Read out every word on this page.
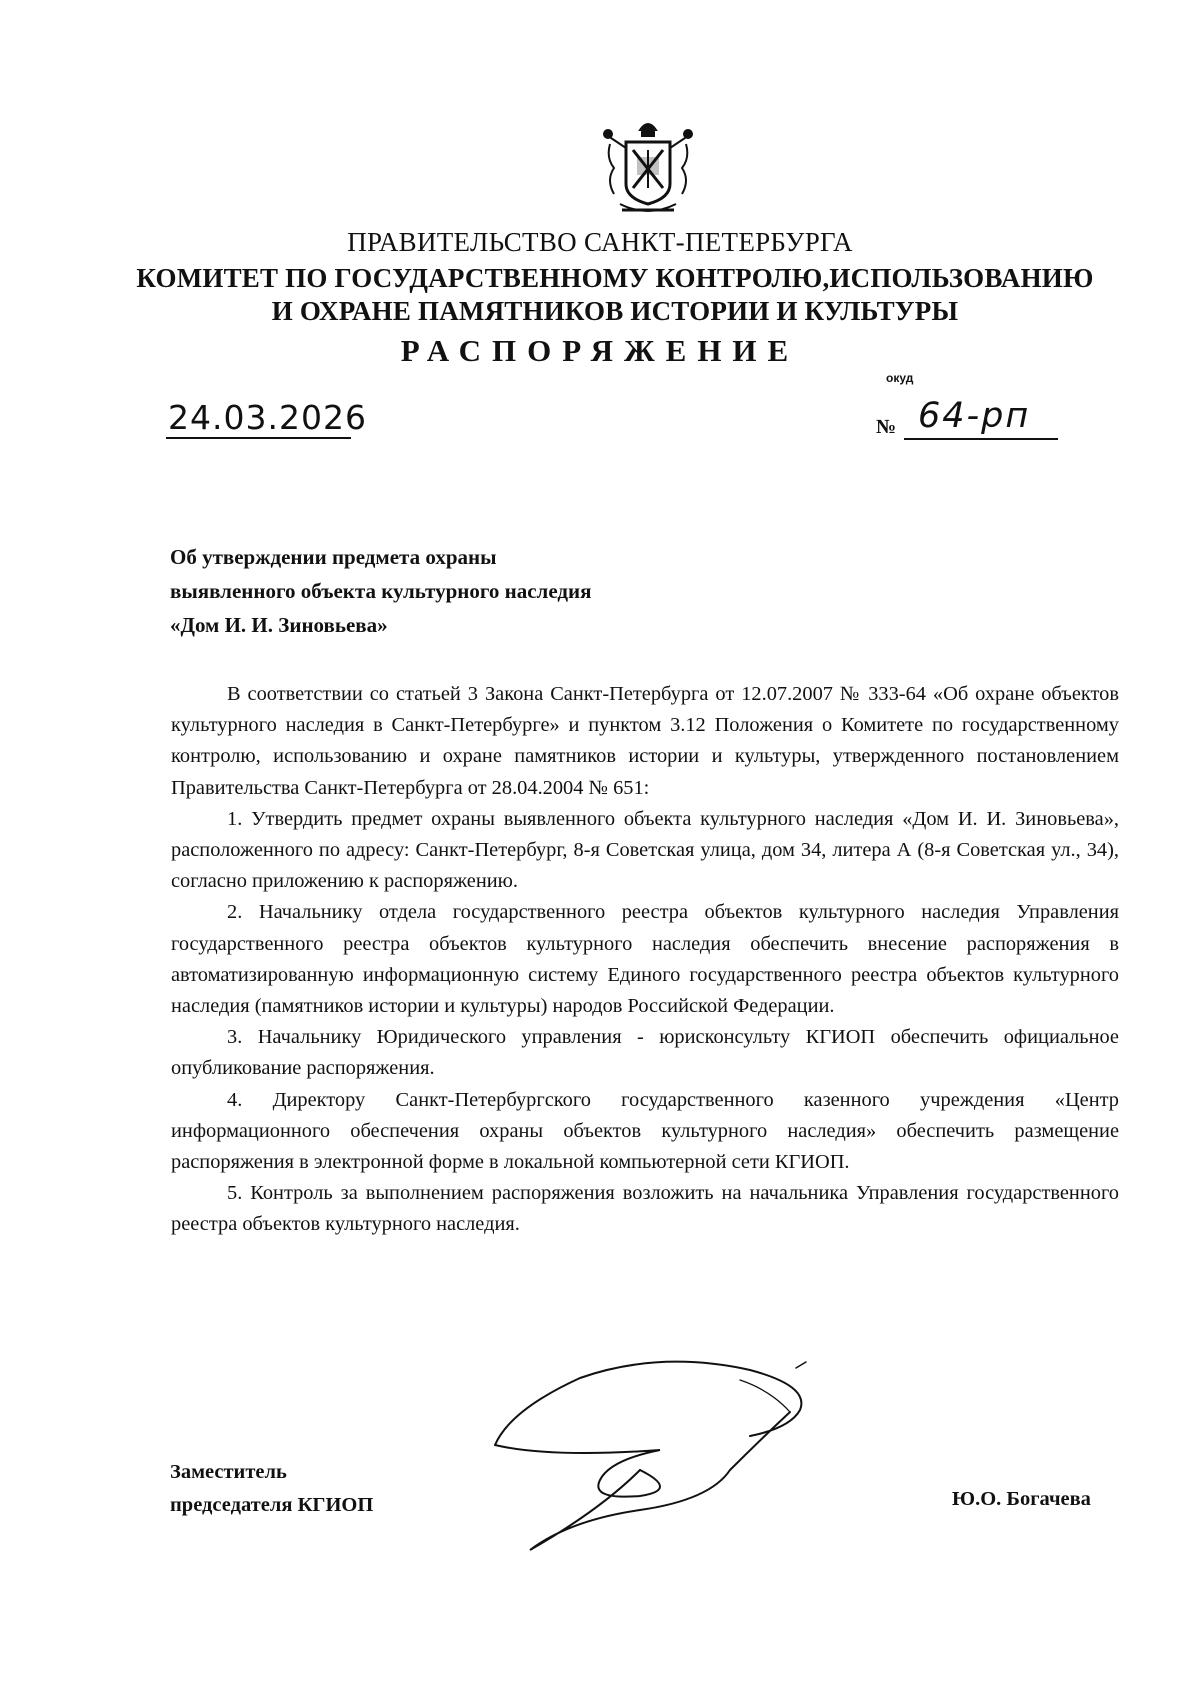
ПРАВИТЕЛЬСТВО САНКТ-ПЕТЕРБУРГА
КОМИТЕТ ПО ГОСУДАРСТВЕННОМУ КОНТРОЛЮ,ИСПОЛЬЗОВАНИЮ
И ОХРАНЕ ПАМЯТНИКОВ ИСТОРИИ И КУЛЬТУРЫ
РАСПОРЯЖЕНИЕ
окуд
24.03.2026	№ 64-рп
Об утверждении предмета охраны
выявленного объекта культурного наследия
«Дом И. И. Зиновьева»

В соответствии со статьей 3 Закона Санкт-Петербурга от 12.07.2007 № 333-64 «Об охране объектов культурного наследия в Санкт-Петербурге» и пунктом 3.12 Положения о Комитете по государственному контролю, использованию и охране памятников истории и культуры, утвержденного постановлением Правительства Санкт-Петербурга от 28.04.2004 № 651:

1. Утвердить предмет охраны выявленного объекта культурного наследия «Дом И. И. Зиновьева», расположенного по адресу: Санкт-Петербург, 8-я Советская улица, дом 34, литера А (8-я Советская ул., 34), согласно приложению к распоряжению.

2. Начальнику отдела государственного реестра объектов культурного наследия Управления государственного реестра объектов культурного наследия обеспечить внесение распоряжения в автоматизированную информационную систему Единого государственного реестра объектов культурного наследия (памятников истории и культуры) народов Российской Федерации.

3. Начальнику Юридического управления - юрисконсульту КГИОП обеспечить официальное опубликование распоряжения.

4. Директору Санкт-Петербургского государственного казенного учреждения «Центр информационного обеспечения охраны объектов культурного наследия» обеспечить размещение распоряжения в электронной форме в локальной компьютерной сети КГИОП.

5. Контроль за выполнением распоряжения возложить на начальника Управления государственного реестра объектов культурного наследия.

Заместитель
председателя КГИОП	Ю.О. Богачева
